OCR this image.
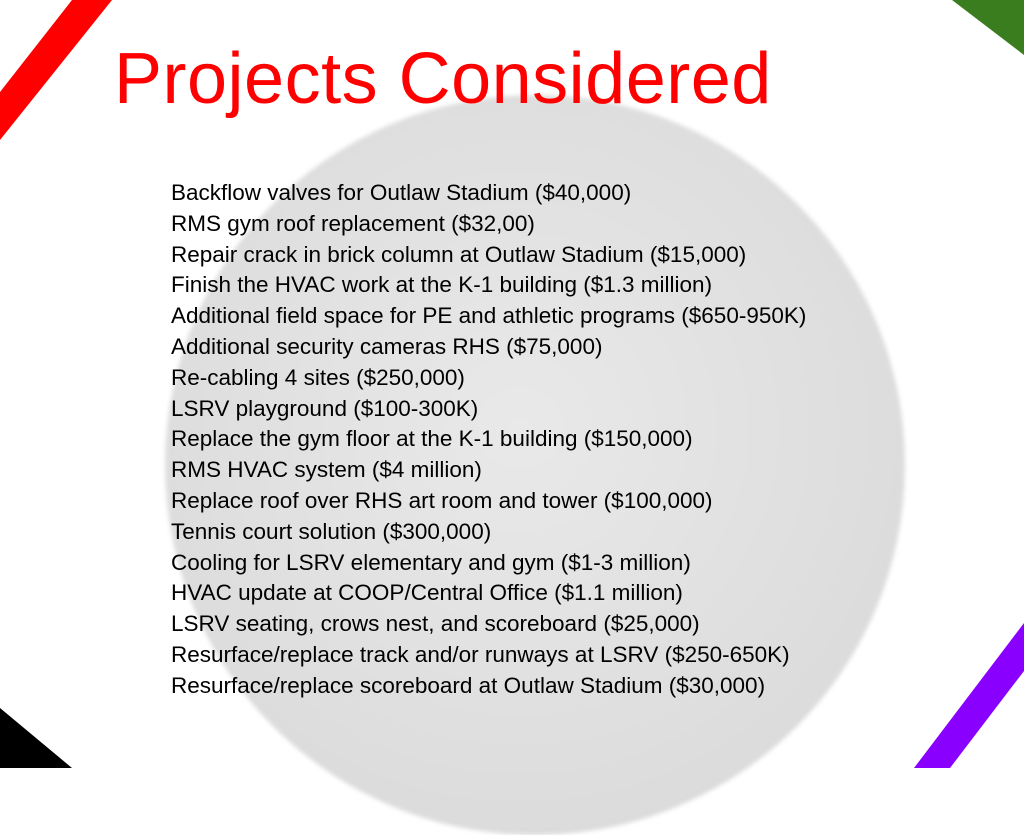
Projects Considered
Backflow valves for Outlaw Stadium ($40,000)
RMS gym roof replacement ($32,00)
Repair crack in brick column at Outlaw Stadium ($15,000)
Finish the HVAC work at the K-1 building ($1.3 million)
Additional field space for PE and athletic programs ($650-950K)
Additional security cameras RHS ($75,000)
Re-cabling 4 sites ($250,000)
LSRV playground ($100-300K)
Replace the gym floor at the K-1 building ($150,000)
RMS HVAC system ($4 million)
Replace roof over RHS art room and tower ($100,000)
Tennis court solution ($300,000)
Cooling for LSRV elementary and gym ($1-3 million)
HVAC update at COOP/Central Office ($1.1 million)
LSRV seating, crows nest, and scoreboard ($25,000)
Resurface/replace track and/or runways at LSRV ($250-650K)
Resurface/replace scoreboard at Outlaw Stadium ($30,000)
